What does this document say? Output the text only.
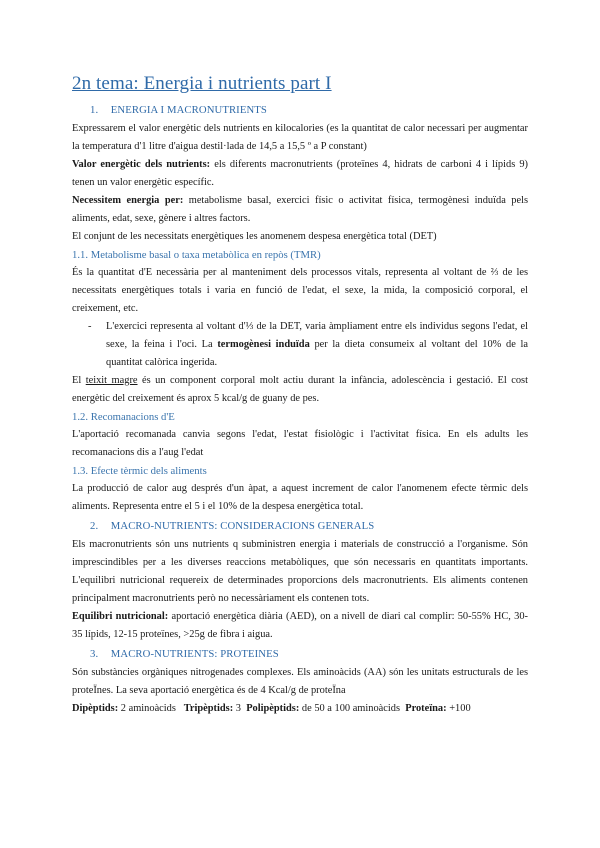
2n tema: Energia i nutrients part I
1. ENERGIA I MACRONUTRIENTS

Expressarem el valor energètic dels nutrients en kilocalories (es la quantitat de calor necessari per augmentar la temperatura d'1 litre d'aigua destil·lada de 14,5 a 15,5 º a P constant)

Valor energètic dels nutrients: els diferents macronutrients (proteïnes 4, hidrats de carboni 4 i lípids 9) tenen un valor energètic específic.

Necessitem energia per: metabolisme basal, exercici físic o activitat física, termogènesi induïda pels aliments, edat, sexe, gènere i altres factors.

El conjunt de les necessitats energètiques les anomenem despesa energètica total (DET)

1.1. Metabolisme basal o taxa metabòlica en repòs (TMR)

És la quantitat d'E necessària per al manteniment dels processos vitals, representa al voltant de ⅔ de les necessitats energètiques totals i varia en funció de l'edat, el sexe, la mida, la composició corporal, el creixement, etc.

-	L'exercici representa al voltant d'⅓ de la DET, varia àmpliament entre els individus segons l'edat, el sexe, la feina i l'oci. La termogènesi induïda per la dieta consumeix al voltant del 10% de la quantitat calòrica ingerida.

El teixit magre és un component corporal molt actiu durant la infància, adolescència i gestació. El cost energètic del creixement és aprox 5 kcal/g de guany de pes.

1.2. Recomanacions d'E

L'aportació recomanada canvia segons l'edat, l'estat fisiològic i l'activitat física. En els adults les recomanacions dis a l'aug l'edat

1.3. Efecte tèrmic dels aliments

La producció de calor aug després d'un àpat, a aquest increment de calor l'anomenem efecte tèrmic dels aliments. Representa entre el 5 i el 10% de la despesa energètica total.

2. MACRO-NUTRIENTS: CONSIDERACIONS GENERALS

Els macronutrients són uns nutrients q subministren energia i materials de construcció a l'organisme. Són imprescindibles per a les diverses reaccions metabòliques, que són necessaris en quantitats importants. L'equilibri nutricional requereix de determinades proporcions dels macronutrients. Els aliments contenen principalment macronutrients però no necessàriament els contenen tots.

Equilibri nutricional: aportació energètica diària (AED), on a nivell de diari cal complir: 50-55% HC, 30-35 lípids, 12-15 proteïnes, >25g de fibra i aigua.

3. MACRO-NUTRIENTS: PROTEINES

Són substàncies orgàniques nitrogenades complexes. Els aminoàcids (AA) són les unitats estructurals de les proteÏnes. La seva aportació energètica és de 4 Kcal/g de proteÏna

Dipèptids: 2 aminoàcids   Tripèptids: 3  Polipèptids: de 50 a 100 aminoàcids  Proteïna: +100
